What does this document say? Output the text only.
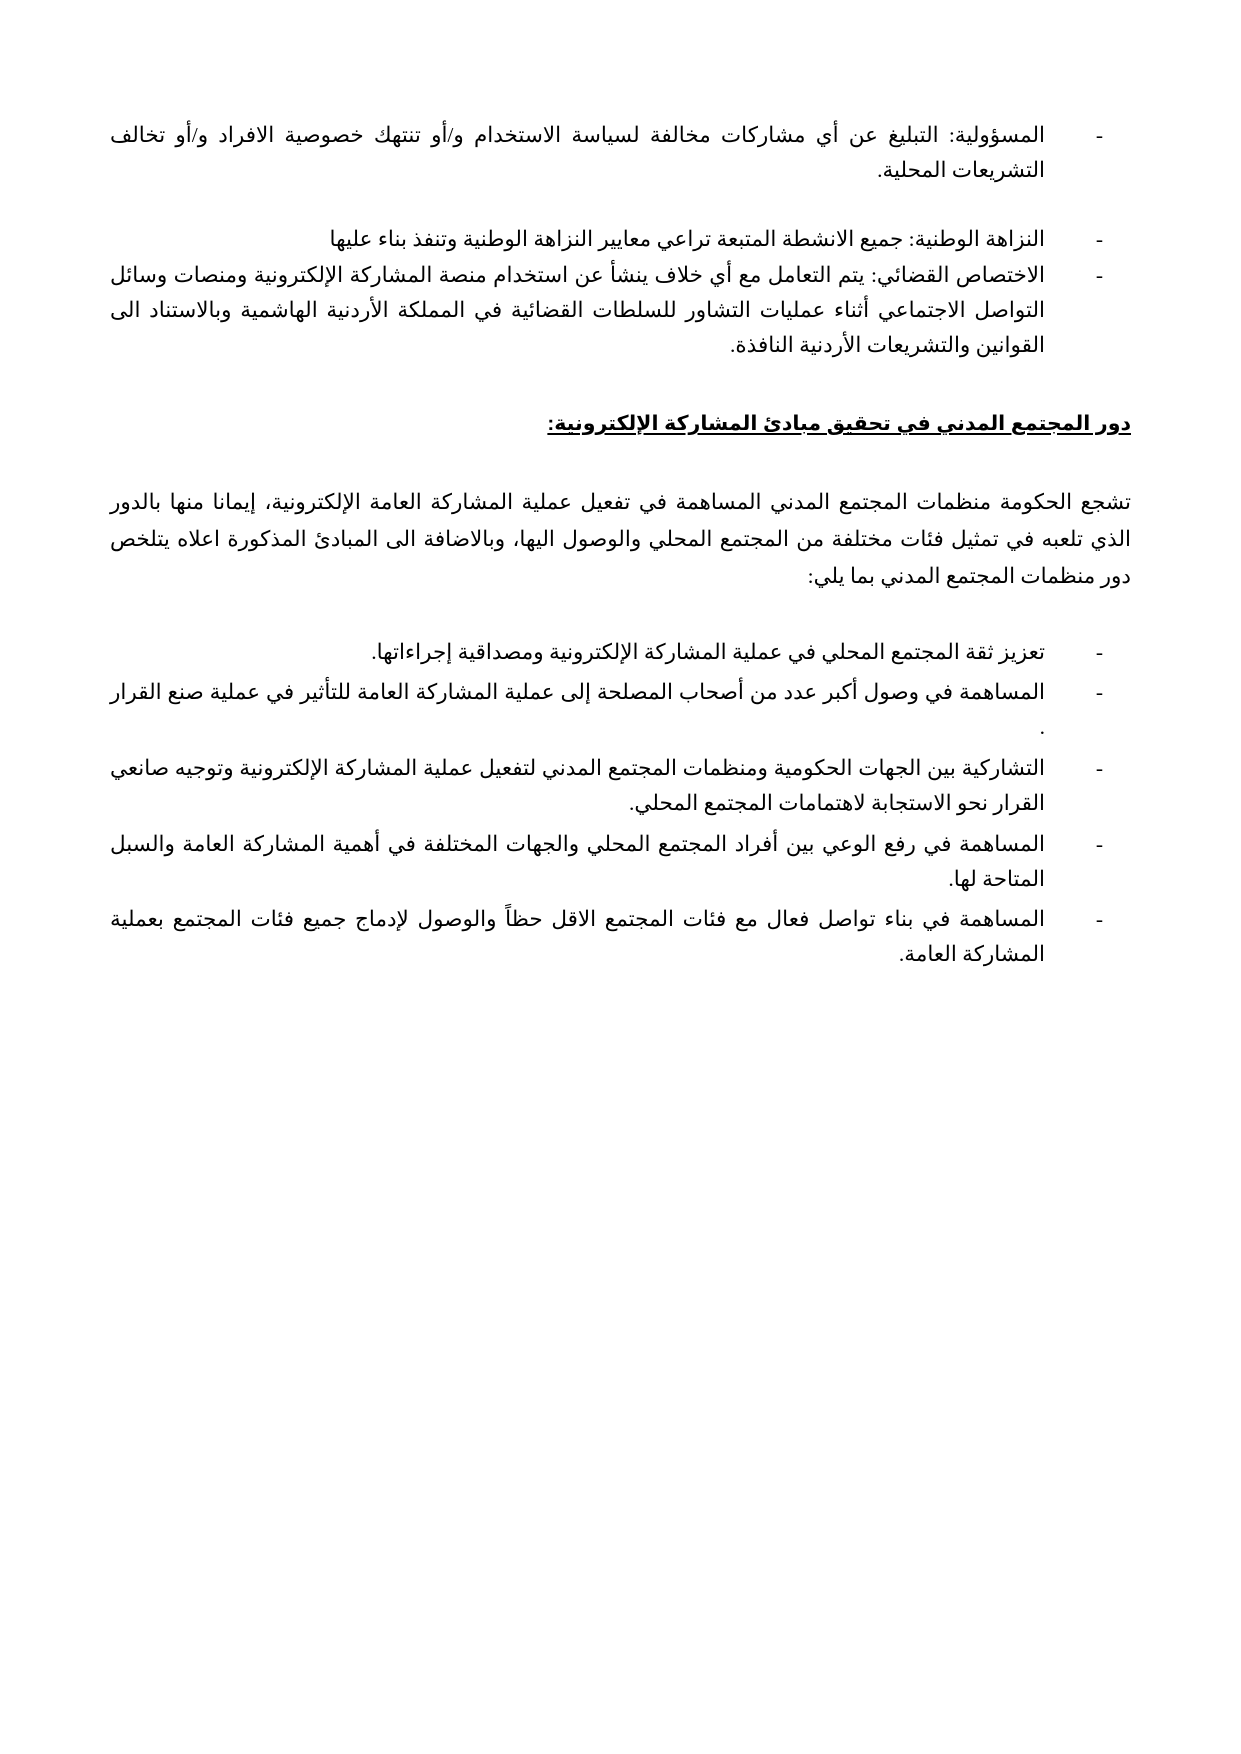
-
المسؤولية: التبليغ عن أي مشاركات مخالفة لسياسة الاستخدام و/أو تنتهك خصوصية الافراد و/أو تخالف التشريعات المحلية.
-
النزاهة الوطنية: جميع الانشطة المتبعة تراعي معايير النزاهة الوطنية وتنفذ بناء عليها
-
الاختصاص القضائي: يتم التعامل مع أي خلاف ينشأ عن استخدام منصة المشاركة الإلكترونية ومنصات وسائل التواصل الاجتماعي أثناء عمليات التشاور للسلطات القضائية في المملكة الأردنية الهاشمية وبالاستناد الى القوانين والتشريعات الأردنية النافذة.
دور المجتمع المدني في تحقيق مبادئ المشاركة الإلكترونية:

تشجع الحكومة منظمات المجتمع المدني المساهمة في تفعيل عملية المشاركة العامة الإلكترونية، إيمانا منها بالدور الذي تلعبه في تمثيل فئات مختلفة من المجتمع المحلي والوصول اليها، وبالاضافة الى المبادئ المذكورة اعلاه يتلخص دور منظمات المجتمع المدني بما يلي:

-
تعزيز ثقة المجتمع المحلي في عملية المشاركة الإلكترونية ومصداقية إجراءاتها.
-
المساهمة في وصول أكبر عدد من أصحاب المصلحة إلى عملية المشاركة العامة للتأثير في عملية صنع القرار .
-
التشاركية بين الجهات الحكومية ومنظمات المجتمع المدني لتفعيل عملية المشاركة الإلكترونية وتوجيه صانعي القرار نحو الاستجابة لاهتمامات المجتمع المحلي.
-
المساهمة في رفع الوعي بين أفراد المجتمع المحلي والجهات المختلفة في أهمية المشاركة العامة والسبل المتاحة لها.
-
المساهمة في بناء تواصل فعال مع فئات المجتمع الاقل حظاً والوصول لإدماج جميع فئات المجتمع بعملية المشاركة العامة.
